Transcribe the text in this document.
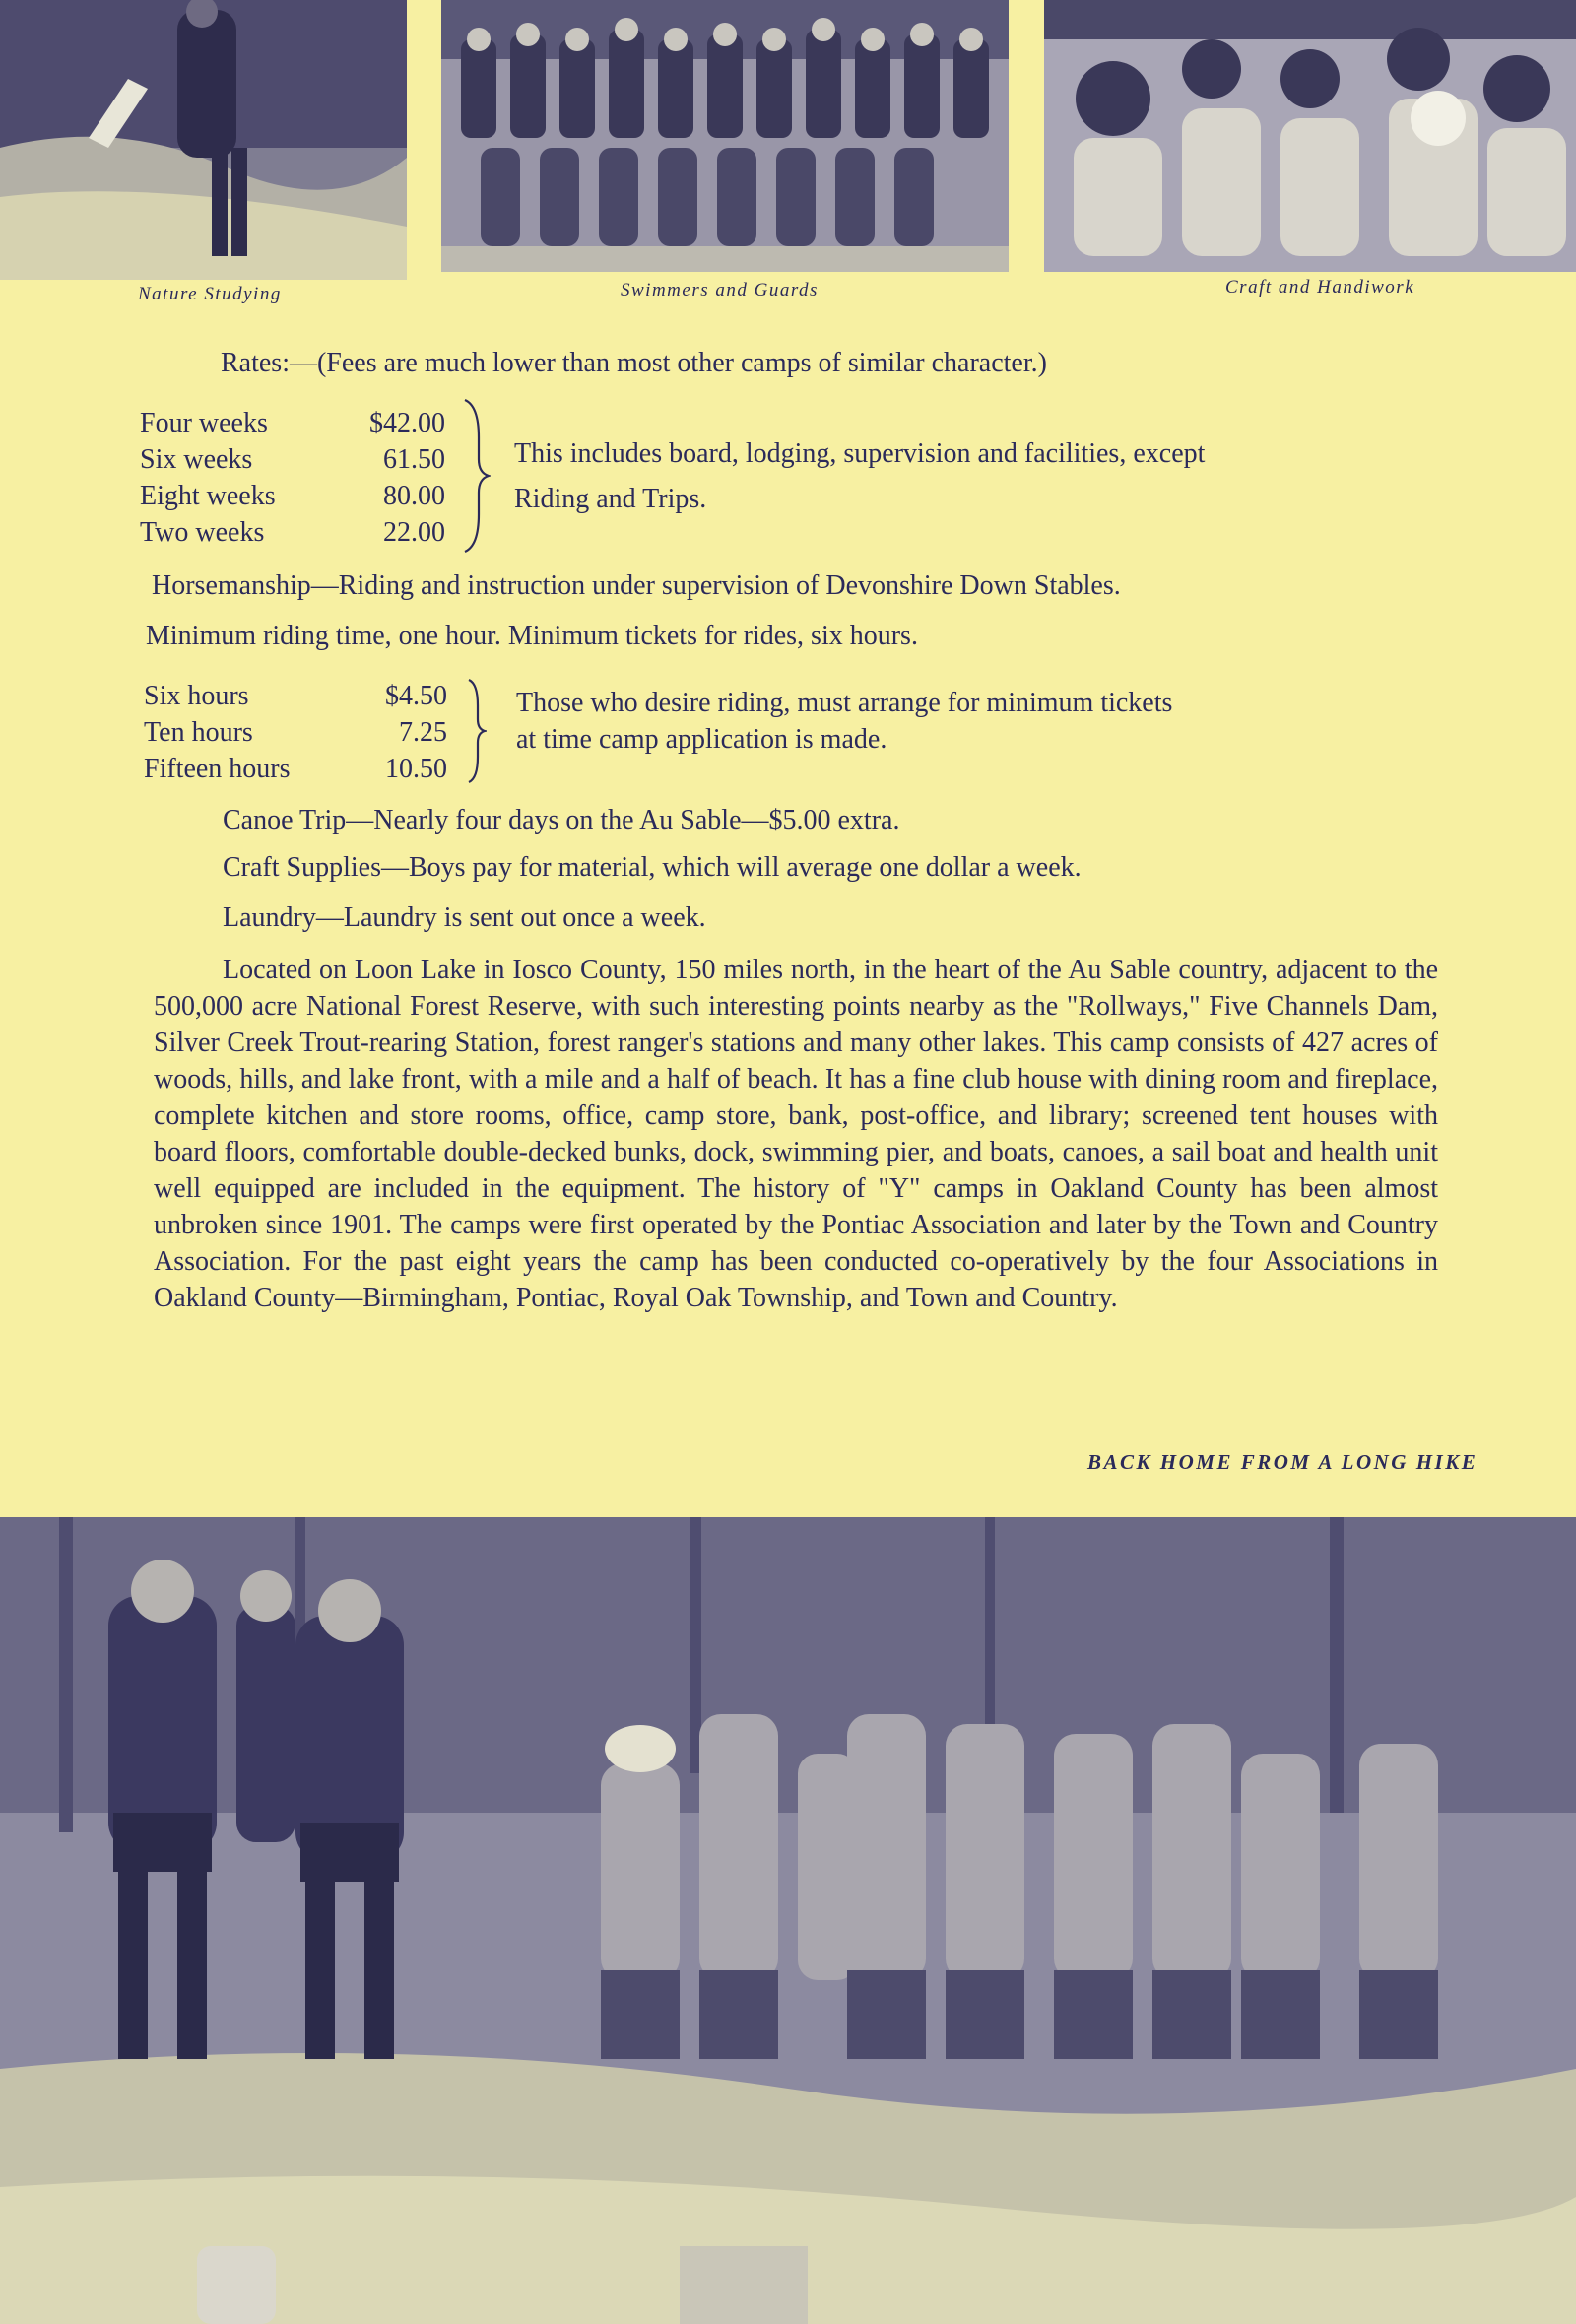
Nature Studying	Swimmers and Guards	Craft and Handiwork
Rates:—(Fees are much lower than most other camps of similar character.)
Four weeks	$42.00
Six weeks	61.50
Eight weeks	80.00
Two weeks	22.00
This includes board, lodging, supervision and facilities, except
Riding and Trips.
Horsemanship—Riding and instruction under supervision of Devonshire Down Stables.
Minimum riding time, one hour. Minimum tickets for rides, six hours.
Six hours	$4.50
Ten hours	7.25
Fifteen hours	10.50
Those who desire riding, must arrange for minimum tickets
at time camp application is made.
Canoe Trip—Nearly four days on the Au Sable—$5.00 extra.
Craft Supplies—Boys pay for material, which will average one dollar a week.
Laundry—Laundry is sent out once a week.
Located on Loon Lake in Iosco County, 150 miles north, in the heart of the Au Sable country, adjacent to the 500,000 acre National Forest Reserve, with such interesting points nearby as the "Rollways," Five Channels Dam, Silver Creek Trout-rearing Station, forest ranger's stations and many other lakes. This camp consists of 427 acres of woods, hills, and lake front, with a mile and a half of beach. It has a fine club house with dining room and fireplace, complete kitchen and store rooms, office, camp store, bank, post-office, and library; screened tent houses with board floors, comfortable double-decked bunks, dock, swimming pier, and boats, canoes, a sail boat and health unit well equipped are included in the equipment. The history of "Y" camps in Oakland County has been almost unbroken since 1901. The camps were first operated by the Pontiac Association and later by the Town and Country Association. For the past eight years the camp has been conducted co-operatively by the four Associations in Oakland County—Birmingham, Pontiac, Royal Oak Township, and Town and Country.
BACK HOME FROM A LONG HIKE
